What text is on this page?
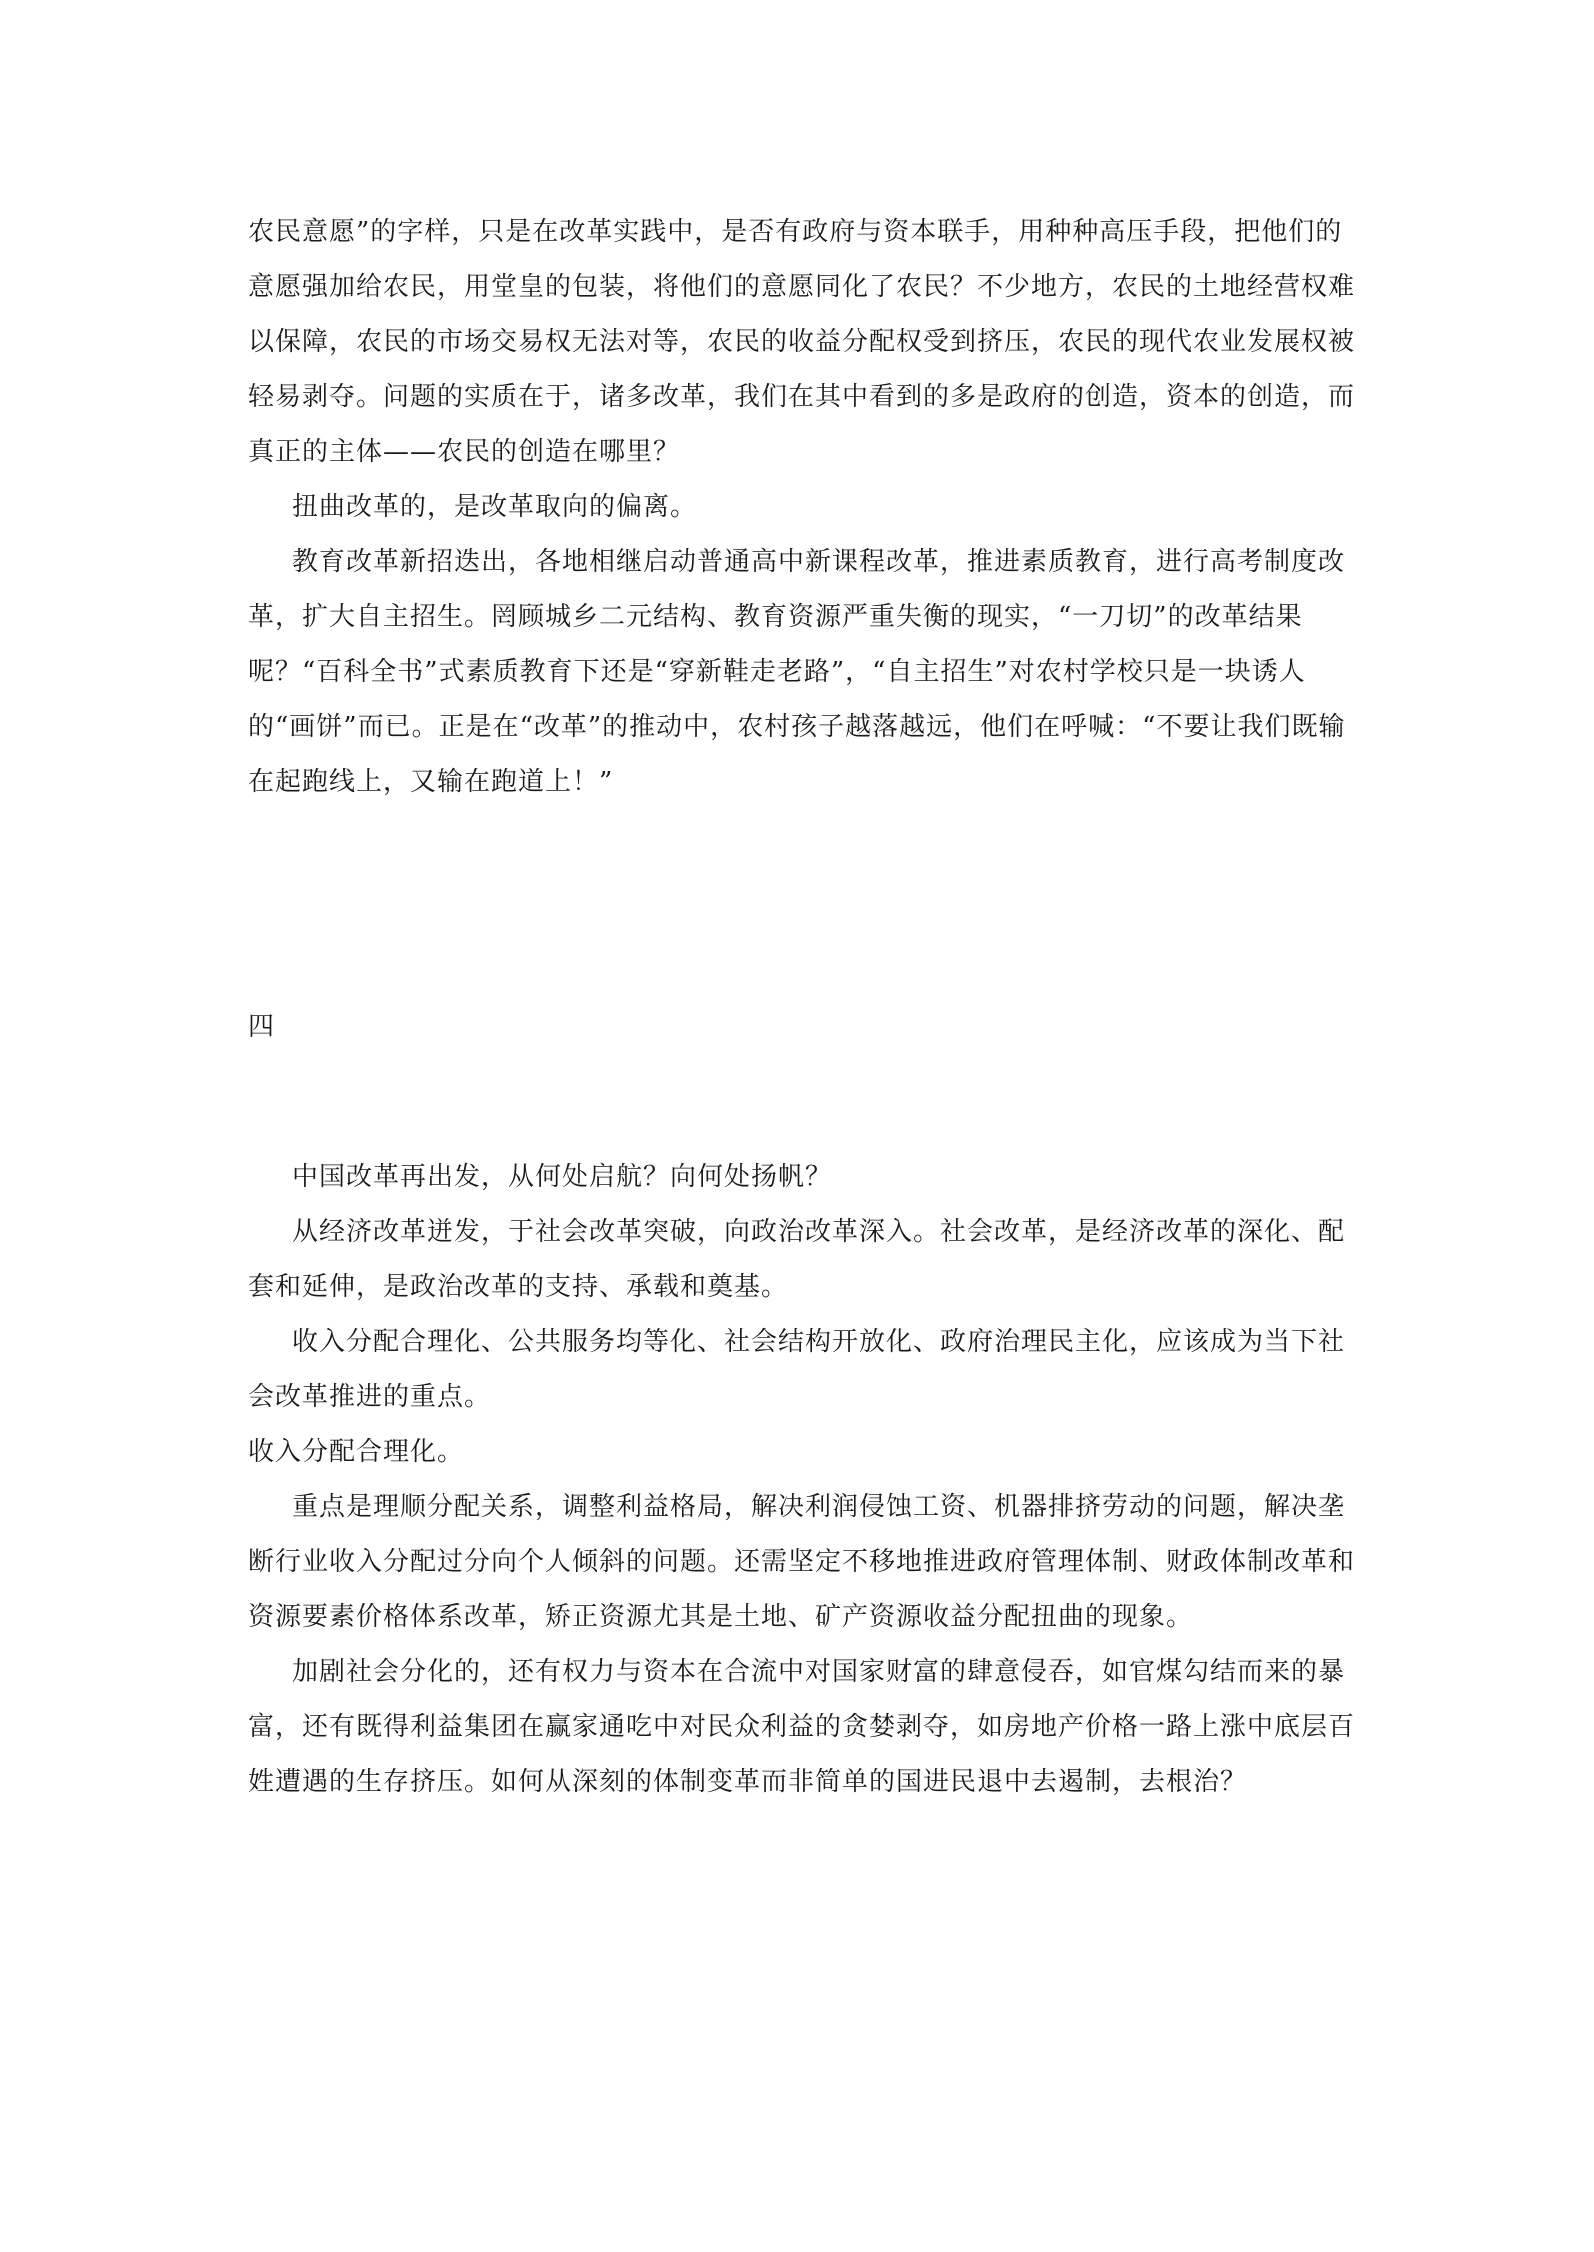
农民意愿”的字样，只是在改革实践中，是否有政府与资本联手，用种种高压手段，把他们的意愿强加给农民，用堂皇的包装，将他们的意愿同化了农民？不少地方，农民的土地经营权难以保障，农民的市场交易权无法对等，农民的收益分配权受到挤压，农民的现代农业发展权被轻易剥夺。问题的实质在于，诸多改革，我们在其中看到的多是政府的创造，资本的创造，而真正的主体——农民的创造在哪里？

扭曲改革的，是改革取向的偏离。

教育改革新招迭出，各地相继启动普通高中新课程改革，推进素质教育，进行高考制度改革，扩大自主招生。罔顾城乡二元结构、教育资源严重失衡的现实，“一刀切”的改革结果呢？“百科全书”式素质教育下还是“穿新鞋走老路”，“自主招生”对农村学校只是一块诱人的“画饼”而已。正是在“改革”的推动中，农村孩子越落越远，他们在呼喊：“不要让我们既输在起跑线上，又输在跑道上！”

四

中国改革再出发，从何处启航？向何处扬帆？

从经济改革迸发，于社会改革突破，向政治改革深入。社会改革，是经济改革的深化、配套和延伸，是政治改革的支持、承载和奠基。

收入分配合理化、公共服务均等化、社会结构开放化、政府治理民主化，应该成为当下社会改革推进的重点。

收入分配合理化。

重点是理顺分配关系，调整利益格局，解决利润侵蚀工资、机器排挤劳动的问题，解决垄断行业收入分配过分向个人倾斜的问题。还需坚定不移地推进政府管理体制、财政体制改革和资源要素价格体系改革，矫正资源尤其是土地、矿产资源收益分配扭曲的现象。

加剧社会分化的，还有权力与资本在合流中对国家财富的肆意侵吞，如官煤勾结而来的暴富，还有既得利益集团在赢家通吃中对民众利益的贪婪剥夺，如房地产价格一路上涨中底层百姓遭遇的生存挤压。如何从深刻的体制变革而非简单的国进民退中去遏制，去根治？
